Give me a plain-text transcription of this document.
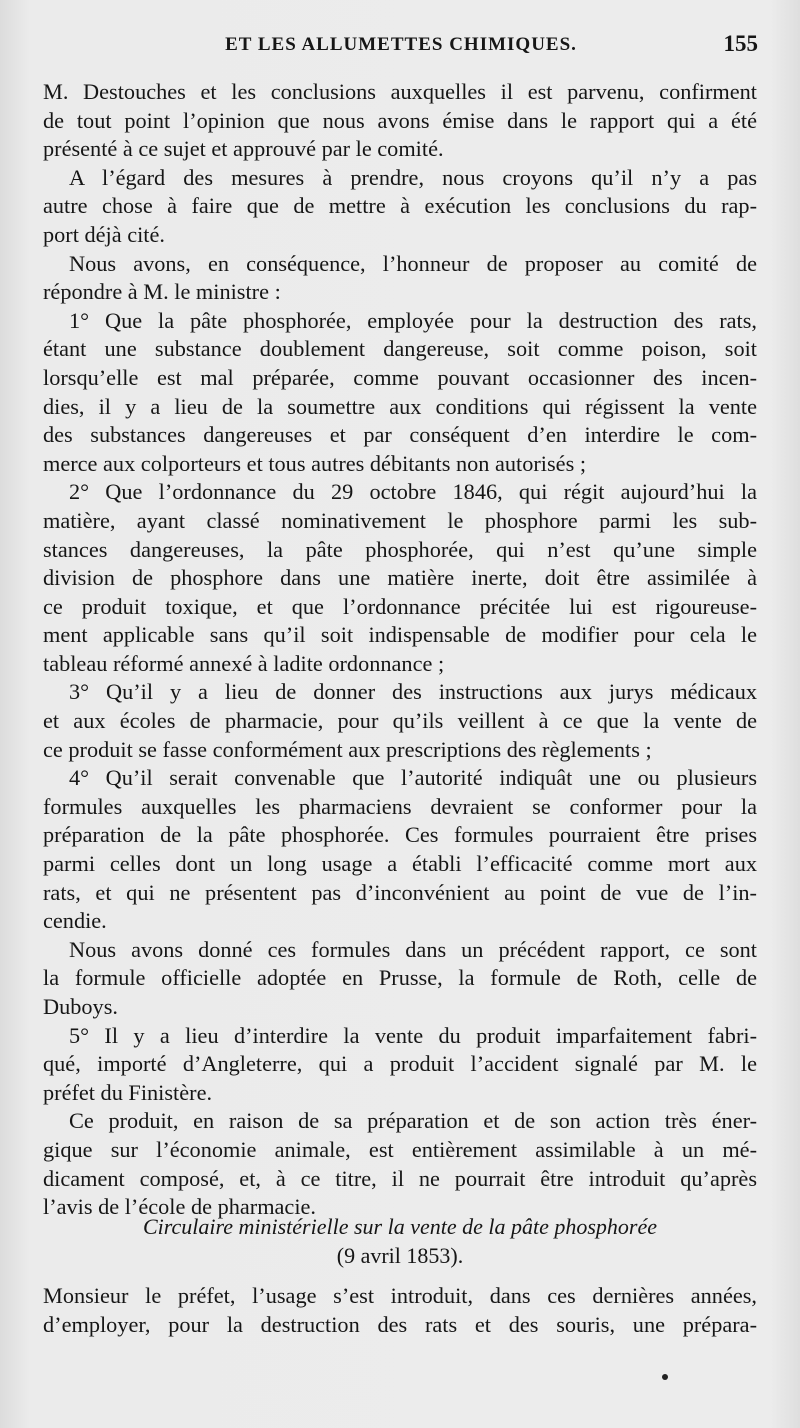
ET LES ALLUMETTES CHIMIQUES.	155
M. Destouches et les conclusions auxquelles il est parvenu, confirment
de tout point l’opinion que nous avons émise dans le rapport qui a été
présenté à ce sujet et approuvé par le comité.
A l’égard des mesures à prendre, nous croyons qu’il n’y a pas
autre chose à faire que de mettre à exécution les conclusions du rap-
port déjà cité.
Nous avons, en conséquence, l’honneur de proposer au comité de
répondre à M. le ministre :
1° Que la pâte phosphorée, employée pour la destruction des rats,
étant une substance doublement dangereuse, soit comme poison, soit
lorsqu’elle est mal préparée, comme pouvant occasionner des incen-
dies, il y a lieu de la soumettre aux conditions qui régissent la vente
des substances dangereuses et par conséquent d’en interdire le com-
merce aux colporteurs et tous autres débitants non autorisés ;
2° Que l’ordonnance du 29 octobre 1846, qui régit aujourd’hui la
matière, ayant classé nominativement le phosphore parmi les sub-
stances dangereuses, la pâte phosphorée, qui n’est qu’une simple
division de phosphore dans une matière inerte, doit être assimilée à
ce produit toxique, et que l’ordonnance précitée lui est rigoureuse-
ment applicable sans qu’il soit indispensable de modifier pour cela le
tableau réformé annexé à ladite ordonnance ;
3° Qu’il y a lieu de donner des instructions aux jurys médicaux
et aux écoles de pharmacie, pour qu’ils veillent à ce que la vente de
ce produit se fasse conformément aux prescriptions des règlements ;
4° Qu’il serait convenable que l’autorité indiquât une ou plusieurs
formules auxquelles les pharmaciens devraient se conformer pour la
préparation de la pâte phosphorée. Ces formules pourraient être prises
parmi celles dont un long usage a établi l’efficacité comme mort aux
rats, et qui ne présentent pas d’inconvénient au point de vue de l’in-
cendie.
Nous avons donné ces formules dans un précédent rapport, ce sont
la formule officielle adoptée en Prusse, la formule de Roth, celle de
Duboys.
5° Il y a lieu d’interdire la vente du produit imparfaitement fabri-
qué, importé d’Angleterre, qui a produit l’accident signalé par M. le
préfet du Finistère.
Ce produit, en raison de sa préparation et de son action très éner-
gique sur l’économie animale, est entièrement assimilable à un mé-
dicament composé, et, à ce titre, il ne pourrait être introduit qu’après
l’avis de l’école de pharmacie.
Circulaire ministérielle sur la vente de la pâte phosphorée
(9 avril 1853).
Monsieur le préfet, l’usage s’est introduit, dans ces dernières années,
d’employer, pour la destruction des rats et des souris, une prépara-
